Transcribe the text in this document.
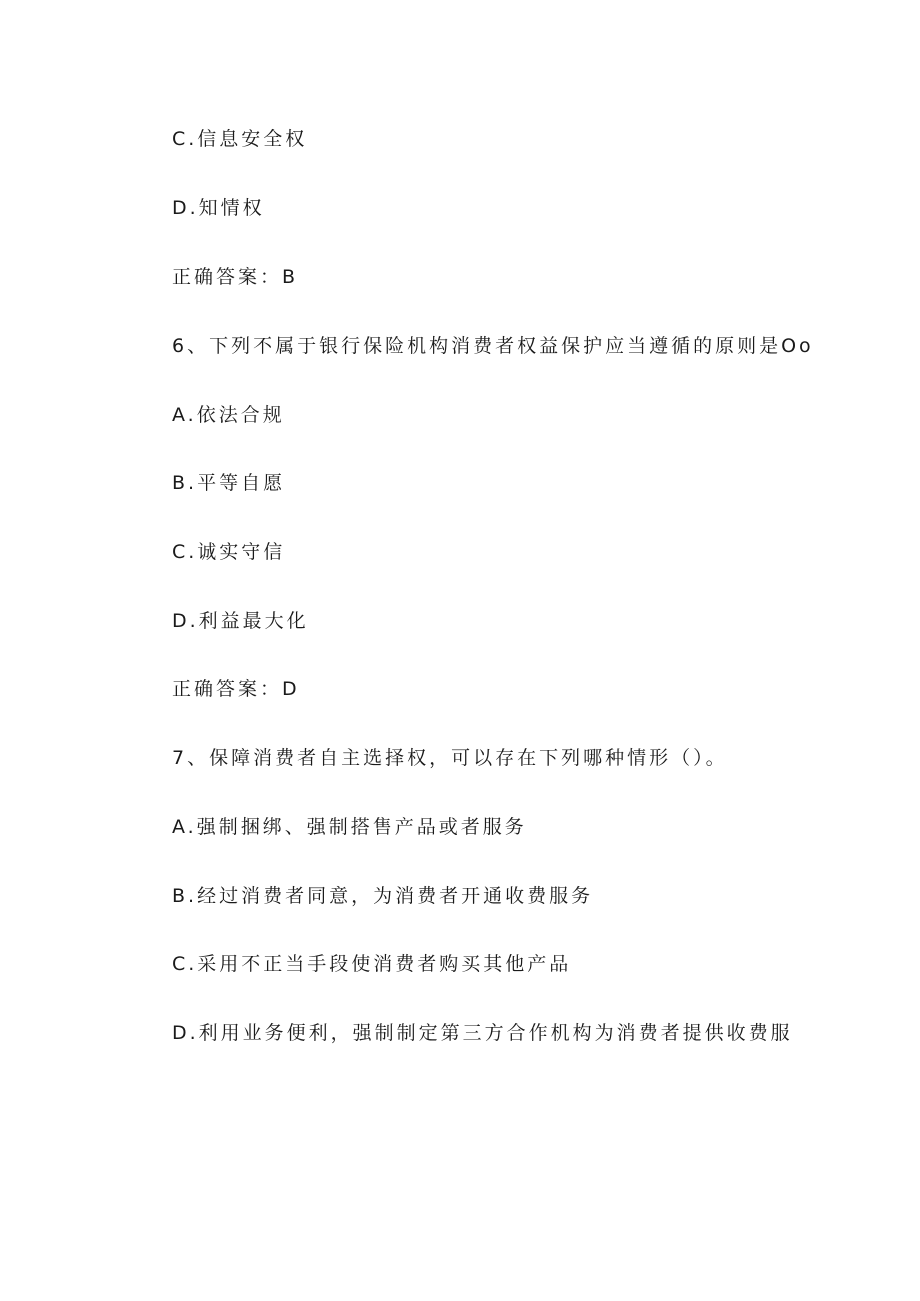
C.信息安全权
D.知情权
正确答案：B
6、下列不属于银行保险机构消费者权益保护应当遵循的原则是Oo
A.依法合规
B.平等自愿
C.诚实守信
D.利益最大化
正确答案：D
7、保障消费者自主选择权，可以存在下列哪种情形（）。
A.强制捆绑、强制搭售产品或者服务
B.经过消费者同意，为消费者开通收费服务
C.采用不正当手段使消费者购买其他产品
D.利用业务便利，强制制定第三方合作机构为消费者提供收费服
